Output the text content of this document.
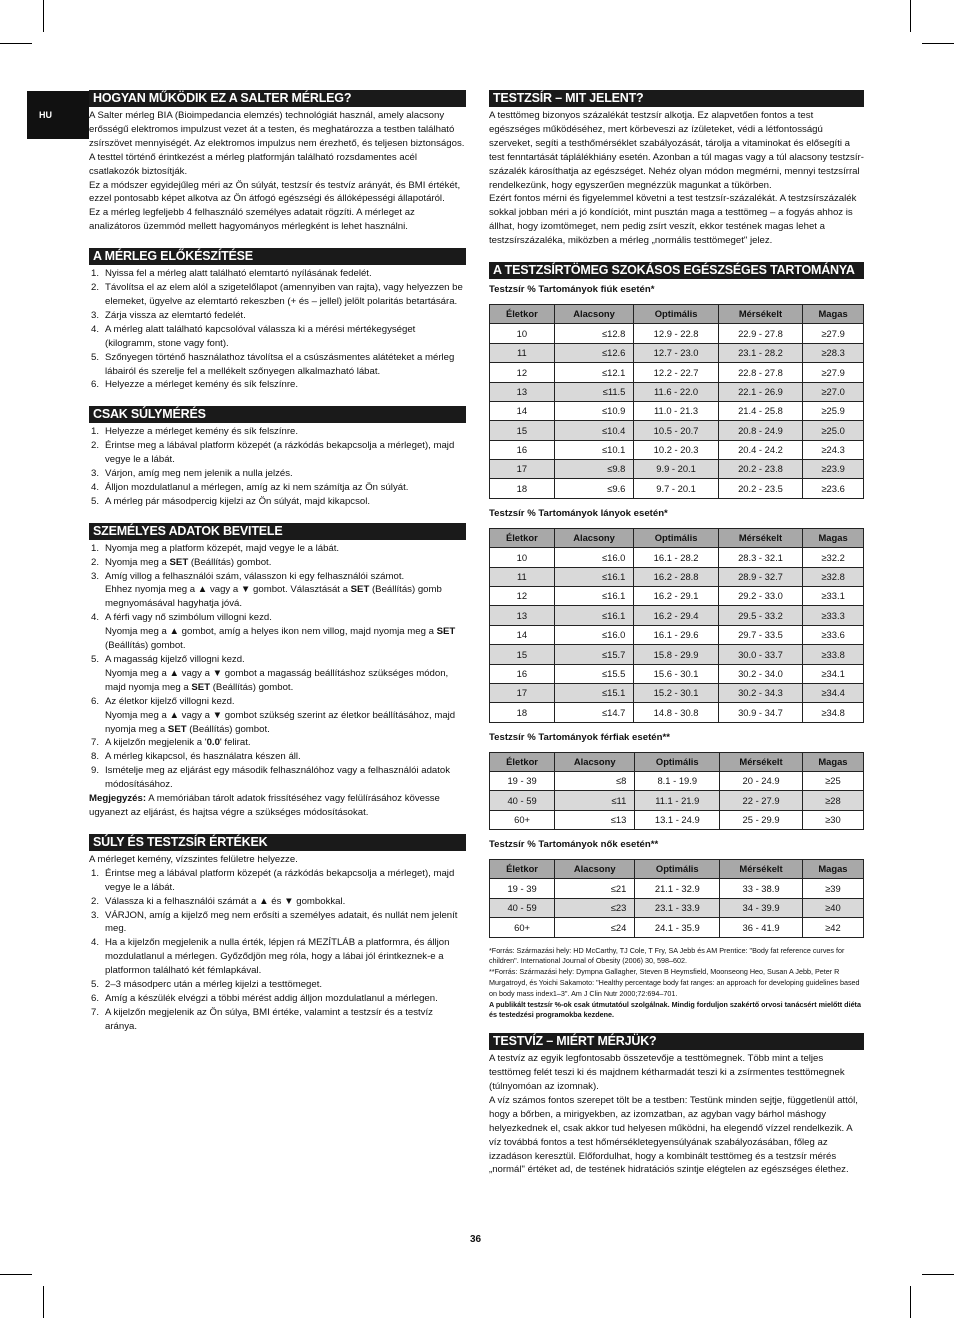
HU
HOGYAN MŰKÖDIK EZ A SALTER MÉRLEG?

A Salter mérleg BIA (Bioimpedancia elemzés) technológiát használ, amely alacsony erősségű elektromos impulzust vezet át a testen, és meghatározza a testben található zsírszövet mennyiségét. Az elektromos impulzus nem érezhető, és teljesen biztonságos. A testtel történő érintkezést a mérleg platformján található rozsdamentes acél csatlakozók biztosítják.

Ez a módszer egyidejűleg méri az Ön súlyát, testzsír és testvíz arányát, és BMI értékét, ezzel pontosabb képet alkotva az Ön átfogó egészségi és állóképességi állapotáról.

Ez a mérleg legfeljebb 4 felhasználó személyes adatait rögzíti. A mérleget az analizátoros üzemmód mellett hagyományos mérlegként is lehet használni.

A MÉRLEG ELŐKÉSZÍTÉSE
1. Nyissa fel a mérleg alatt található elemtartó nyílásának fedelét.
2. Távolítsa el az elem alól a szigetelőlapot (amennyiben van rajta), vagy helyezzen be elemeket, ügyelve az elemtartó rekeszben (+ és – jellel) jelölt polaritás betartására.
3. Zárja vissza az elemtartó fedelét.
4. A mérleg alatt található kapcsolóval válassza ki a mérési mértékegységet (kilogramm, stone vagy font).
5. Szőnyegen történő használathoz távolítsa el a csúszásmentes alátéteket a mérleg lábairól és szerelje fel a mellékelt szőnyegen alkalmazható lábat.
6. Helyezze a mérleget kemény és sík felszínre.
CSAK SÚLYMÉRÉS
1. Helyezze a mérleget kemény és sík felszínre.
2. Érintse meg a lábával platform közepét (a rázkódás bekapcsolja a mérleget), majd vegye le a lábát.
3. Várjon, amíg meg nem jelenik a nulla jelzés.
4. Álljon mozdulatlanul a mérlegen, amíg az ki nem számítja az Ön súlyát.
5. A mérleg pár másodpercig kijelzi az Ön súlyát, majd kikapcsol.
SZEMÉLYES ADATOK BEVITELE
1. Nyomja meg a platform közepét, majd vegye le a lábát.
2. Nyomja meg a SET (Beállítás) gombot.
3. Amíg villog a felhasználói szám, válasszon ki egy felhasználói számot.
Ehhez nyomja meg a ▲ vagy a ▼ gombot. Választását a SET (Beállítás) gomb megnyomásával hagyhatja jóvá.
4. A férfi vagy nő szimbólum villogni kezd.
Nyomja meg a ▲ gombot, amíg a helyes ikon nem villog, majd nyomja meg a SET (Beállítás) gombot.
5. A magasság kijelző villogni kezd.
Nyomja meg a ▲ vagy a ▼ gombot a magasság beállításhoz szükséges módon, majd nyomja meg a SET (Beállítás) gombot.
6. Az életkor kijelző villogni kezd.
Nyomja meg a ▲ vagy a ▼ gombot szükség szerint az életkor beállításához, majd nyomja meg a SET (Beállítás) gombot.
7. A kijelzőn megjelenik a '0.0' felirat.
8. A mérleg kikapcsol, és használatra készen áll.
9. Ismételje meg az eljárást egy második felhasználóhoz vagy a felhasználói adatok módosításához.

Megjegyzés: A memóriában tárolt adatok frissítéséhez vagy felülírásához kövesse ugyanezt az eljárást, és hajtsa végre a szükséges módosításokat.

SÚLY ÉS TESTZSÍR ÉRTÉKEK

A mérleget kemény, vízszintes felületre helyezze.

1. Érintse meg a lábával platform közepét (a rázkódás bekapcsolja a mérleget), majd vegye le a lábát.
2. Válassza ki a felhasználói számát a ▲ és ▼ gombokkal.
3. VÁRJON, amíg a kijelző meg nem erősíti a személyes adatait, és nullát nem jelenít meg.
4. Ha a kijelzőn megjelenik a nulla érték, lépjen rá MEZÍTLÁB a platformra, és álljon mozdulatlanul a mérlegen. Győződjön meg róla, hogy a lábai jól érintkeznek-e a platformon található két fémlapkával.
5. 2–3 másodperc után a mérleg kijelzi a testtömeget.
6. Amíg a készülék elvégzi a többi mérést addig álljon mozdulatlanul a mérlegen.
7. A kijelzőn megjelenik az Ön súlya, BMI értéke, valamint a testzsír és a testvíz aránya.
TESTZSÍR – MIT JELENT?

A testtömeg bizonyos százalékát testzsír alkotja. Ez alapvetően fontos a test egészséges működéséhez, mert körbeveszi az ízületeket, védi a létfontosságú szerveket, segíti a testhőmérséklet szabályozását, tárolja a vitaminokat és elősegíti a test fenntartását táplálékhiány esetén. Azonban a túl magas vagy a túl alacsony testzsír-százalék károsíthatja az egészséget. Nehéz olyan módon megmérni, mennyi testzsírral rendelkezünk, hogy egyszerűen megnézzük magunkat a tükörben.

Ezért fontos mérni és figyelemmel követni a test testzsír-százalékát. A testzsírszázalék sokkal jobban méri a jó kondíciót, mint pusztán maga a testtömeg – a fogyás ahhoz is állhat, hogy izomtömeget, nem pedig zsírt veszít, ekkor testének magas lehet a testzsírszázaléka, miközben a mérleg „normális testtömeget" jelez.

A TESTZSÍRTÖMEG SZOKÁSOS EGÉSZSÉGES TARTOMÁNYA
Testzsír % Tartományok fiúk esetén*
Életkor	Alacsony	Optimális	Mérsékelt	Magas
10	≤12.8	12.9 - 22.8	22.9 - 27.8	≥27.9
11	≤12.6	12.7 - 23.0	23.1 - 28.2	≥28.3
12	≤12.1	12.2 - 22.7	22.8 - 27.8	≥27.9
13	≤11.5	11.6 - 22.0	22.1 - 26.9	≥27.0
14	≤10.9	11.0 - 21.3	21.4 - 25.8	≥25.9
15	≤10.4	10.5 - 20.7	20.8 - 24.9	≥25.0
16	≤10.1	10.2 - 20.3	20.4 - 24.2	≥24.3
17	≤9.8	9.9 - 20.1	20.2 - 23.8	≥23.9
18	≤9.6	9.7 - 20.1	20.2 - 23.5	≥23.6
Testzsír % Tartományok lányok esetén*
Életkor	Alacsony	Optimális	Mérsékelt	Magas
10	≤16.0	16.1 - 28.2	28.3 - 32.1	≥32.2
11	≤16.1	16.2 - 28.8	28.9 - 32.7	≥32.8
12	≤16.1	16.2 - 29.1	29.2 - 33.0	≥33.1
13	≤16.1	16.2 - 29.4	29.5 - 33.2	≥33.3
14	≤16.0	16.1 - 29.6	29.7 - 33.5	≥33.6
15	≤15.7	15.8 - 29.9	30.0 - 33.7	≥33.8
16	≤15.5	15.6 - 30.1	30.2 - 34.0	≥34.1
17	≤15.1	15.2 - 30.1	30.2 - 34.3	≥34.4
18	≤14.7	14.8 - 30.8	30.9 - 34.7	≥34.8
Testzsír % Tartományok férfiak esetén**
Életkor	Alacsony	Optimális	Mérsékelt	Magas
19 - 39	≤8	8.1 - 19.9	20 - 24.9	≥25
40 - 59	≤11	11.1 - 21.9	22 - 27.9	≥28
60+	≤13	13.1 - 24.9	25 - 29.9	≥30
Testzsír % Tartományok nők esetén**
Életkor	Alacsony	Optimális	Mérsékelt	Magas
19 - 39	≤21	21.1 - 32.9	33 - 38.9	≥39
40 - 59	≤23	23.1 - 33.9	34 - 39.9	≥40
60+	≤24	24.1 - 35.9	36 - 41.9	≥42

*Forrás: Származási hely: HD McCarthy, TJ Cole, T Fry, SA Jebb és AM Prentice: "Body fat reference curves for children". International Journal of Obesity (2006) 30, 598–602.

**Forrás: Származási hely: Dympna Gallagher, Steven B Heymsfield, Moonseong Heo, Susan A Jebb, Peter R Murgatroyd, és Yoichi Sakamoto: "Healthy percentage body fat ranges: an approach for developing guidelines based on body mass index1–3". Am J Clin Nutr 2000;72:694–701.

A publikált testzsír %-ok csak útmutatóul szolgálnak. Mindig forduljon szakértő orvosi tanácsért mielőtt diéta és testedzési programokba kezdene.

TESTVÍZ – MIÉRT MÉRJÜK?

A testvíz az egyik legfontosabb összetevője a testtömegnek. Több mint a teljes testtömeg felét teszi ki és majdnem kétharmadát teszi ki a zsírmentes testtömegnek (túlnyomóan az izomnak).

A víz számos fontos szerepet tölt be a testben: Testünk minden sejtje, függetlenül attól, hogy a bőrben, a mirigyekben, az izomzatban, az agyban vagy bárhol máshogy helyezkednek el, csak akkor tud helyesen működni, ha elegendő vízzel rendelkezik. A víz továbbá fontos a test hőmérsékletegyensúlyának szabályozásában, főleg az izzadáson keresztül. Előfordulhat, hogy a kombinált testtömeg és a testzsír mérés „normál" értéket ad, de testének hidratációs szintje elégtelen az egészséges élethez.

36
